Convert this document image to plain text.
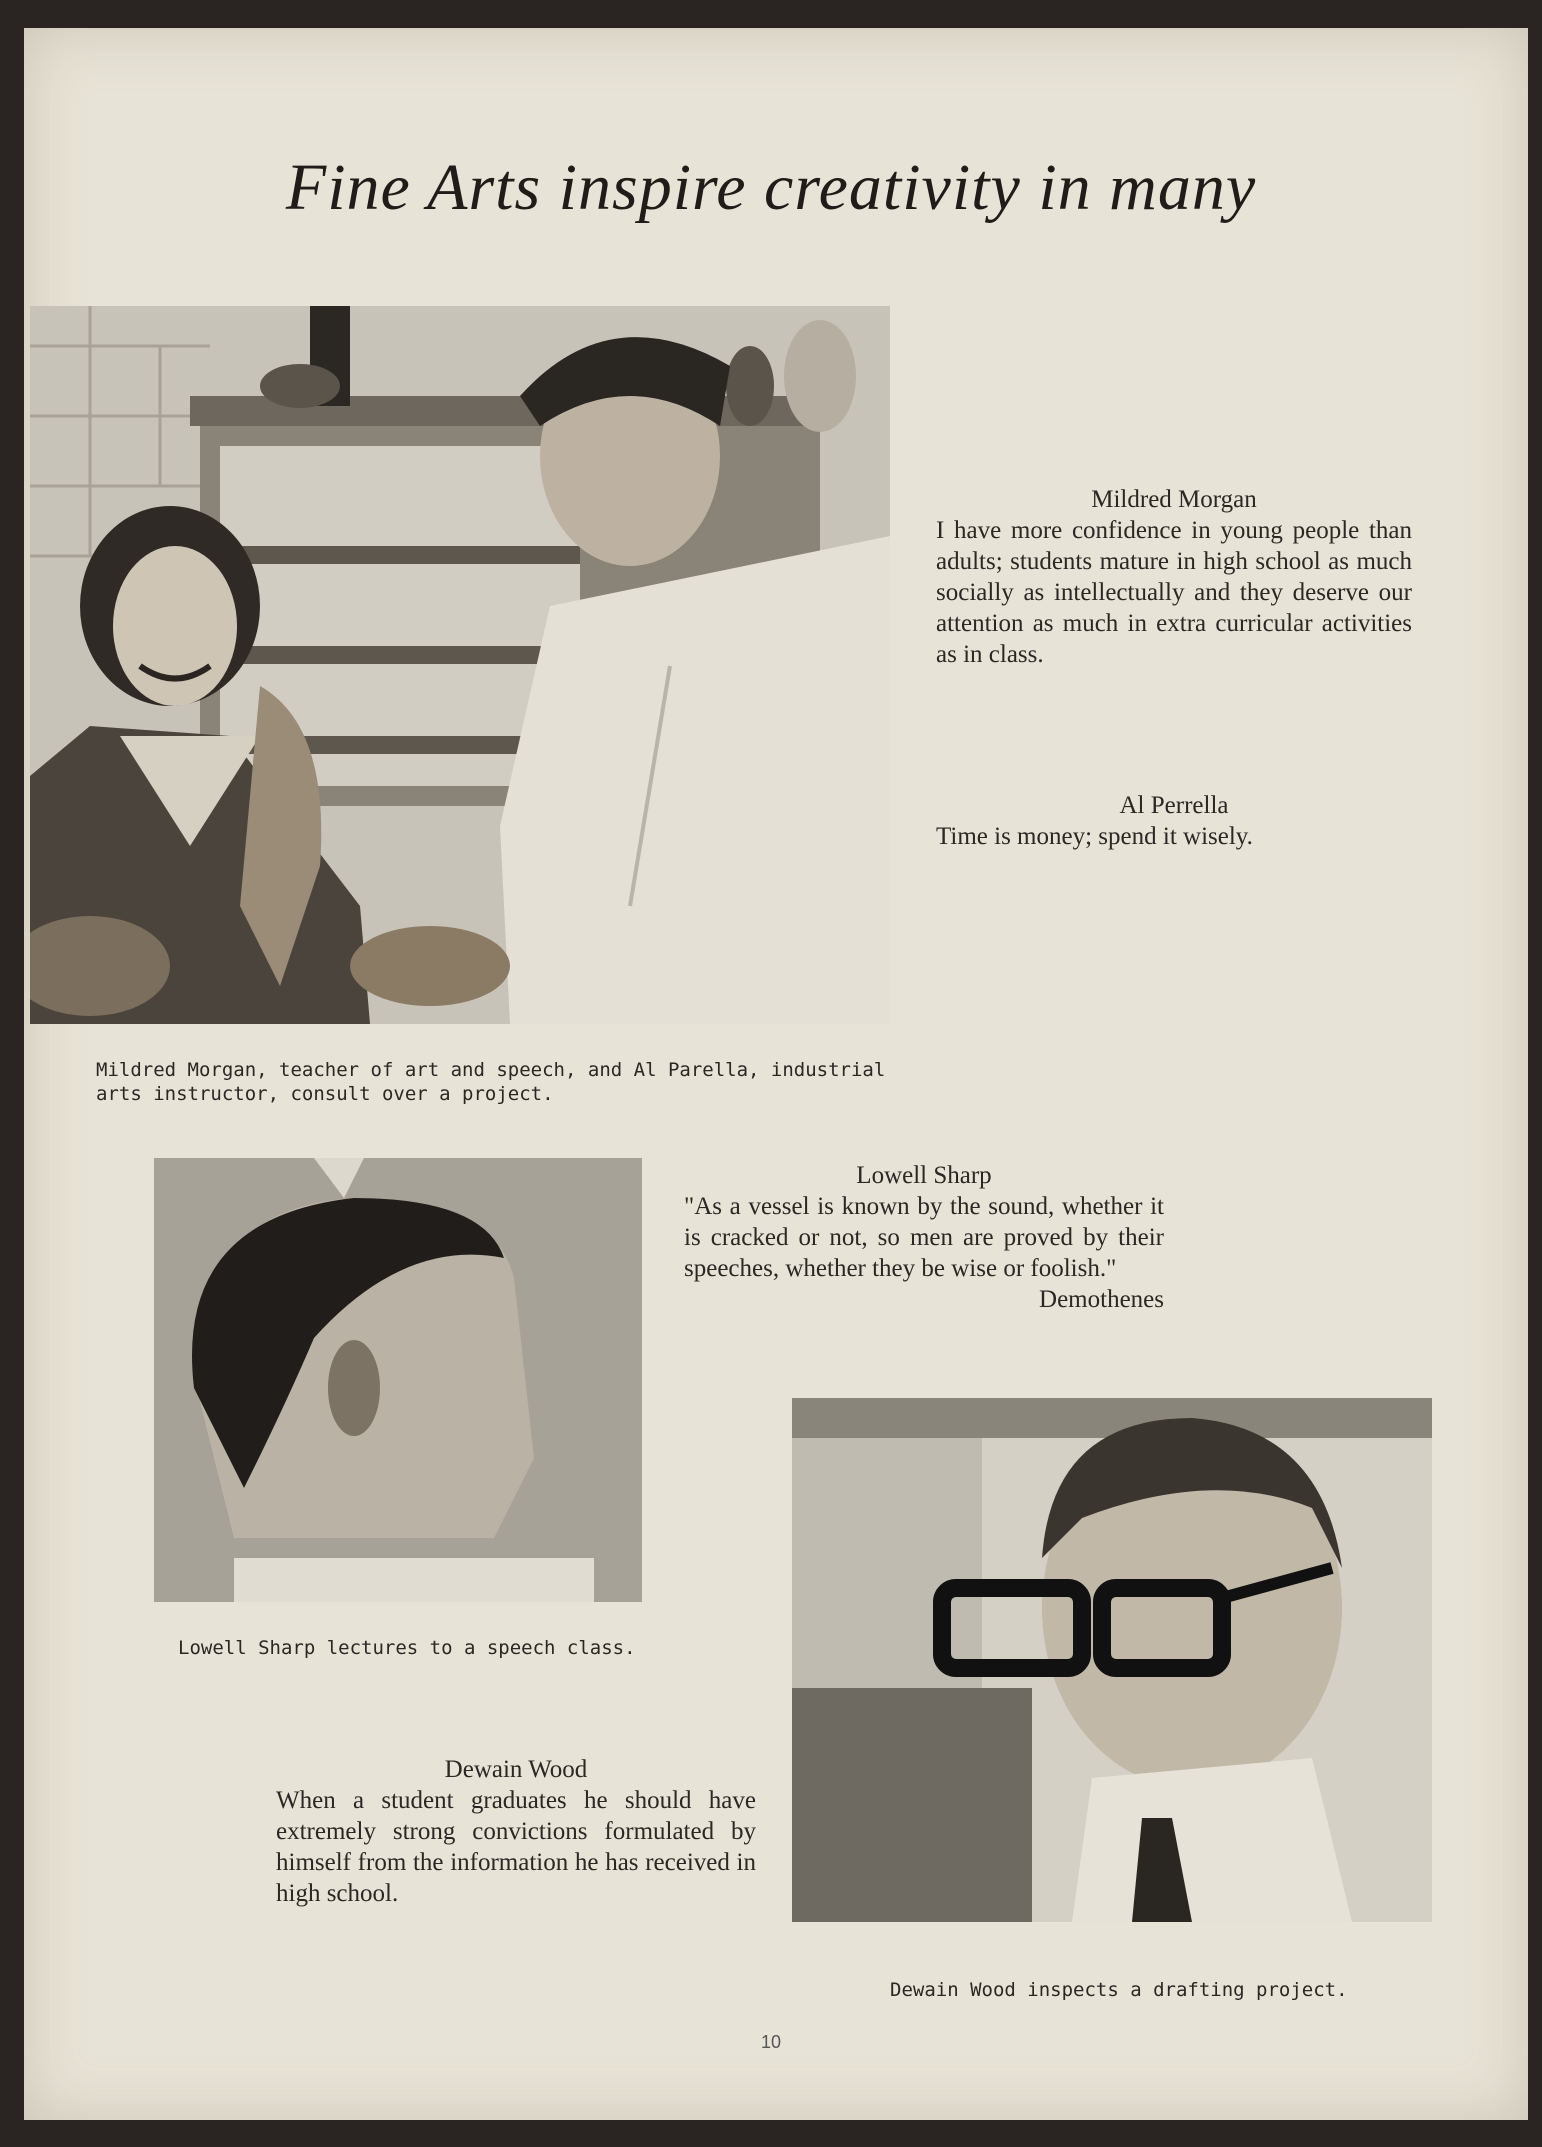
Fine Arts inspire creativity in many
Mildred Morgan
I have more confidence in young people than adults; students mature in high school as much socially as intellectually and they deserve our attention as much in extra curricular activities as in class.
Al Perrella
Time is money; spend it wisely.
Mildred Morgan, teacher of art and speech, and Al Parella, industrial arts instructor, consult over a project.
Lowell Sharp
"As a vessel is known by the sound, whether it is cracked or not, so men are proved by their speeches, whether they be wise or foolish."
Demothenes
Lowell Sharp lectures to a speech class.
Dewain Wood
When a student graduates he should have extremely strong convictions formulated by himself from the information he has received in high school.
Dewain Wood inspects a drafting project.
10
